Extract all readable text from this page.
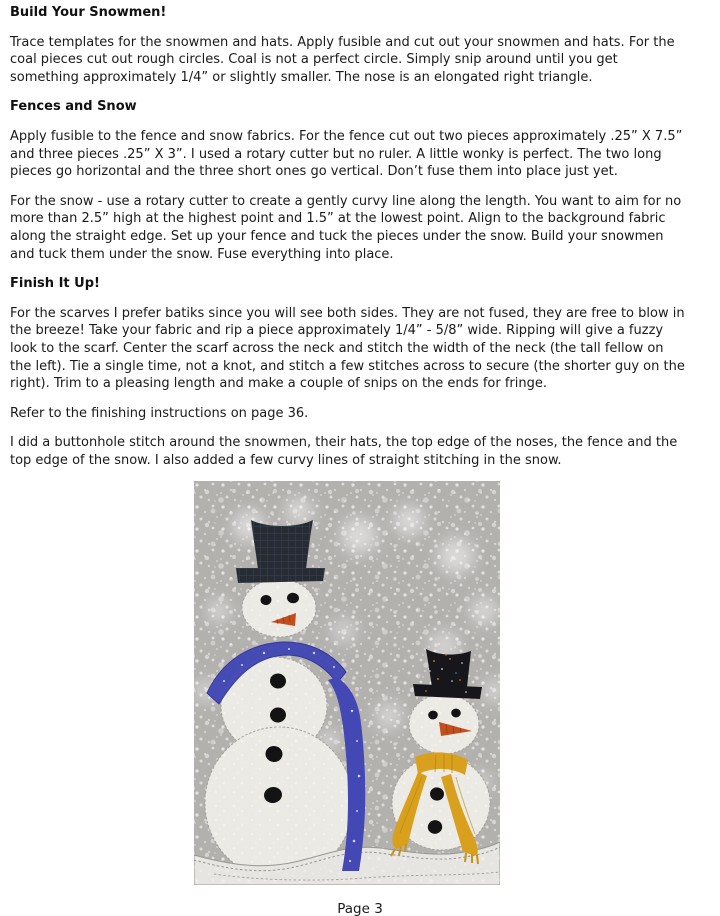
Build Your Snowmen!

Trace templates for the snowmen and hats. Apply fusible and cut out your snowmen and hats. For the coal pieces cut out rough circles. Coal is not a perfect circle. Simply snip around until you get something approximately 1/4” or slightly smaller. The nose is an elongated right triangle.

Fences and Snow

Apply fusible to the fence and snow fabrics. For the fence cut out two pieces approximately .25” X 7.5” and three pieces .25” X 3”. I used a rotary cutter but no ruler. A little wonky is perfect. The two long pieces go horizontal and the three short ones go vertical. Don’t fuse them into place just yet.

For the snow - use a rotary cutter to create a gently curvy line along the length. You want to aim for no more than 2.5” high at the highest point and 1.5” at the lowest point. Align to the background fabric along the straight edge. Set up your fence and tuck the pieces under the snow. Build your snowmen and tuck them under the snow. Fuse everything into place.

Finish It Up!

For the scarves I prefer batiks since you will see both sides. They are not fused, they are free to blow in the breeze! Take your fabric and rip a piece approximately 1/4” - 5/8” wide. Ripping will give a fuzzy look to the scarf. Center the scarf across the neck and stitch the width of the neck (the tall fellow on the left). Tie a single time, not a knot, and stitch a few stitches across to secure (the shorter guy on the right). Trim to a pleasing length and make a couple of snips on the ends for fringe.

Refer to the finishing instructions on page 36.

I did a buttonhole stitch around the snowmen, their hats, the top edge of the noses, the fence and the top edge of the snow. I also added a few curvy lines of straight stitching in the snow.

Page 3
